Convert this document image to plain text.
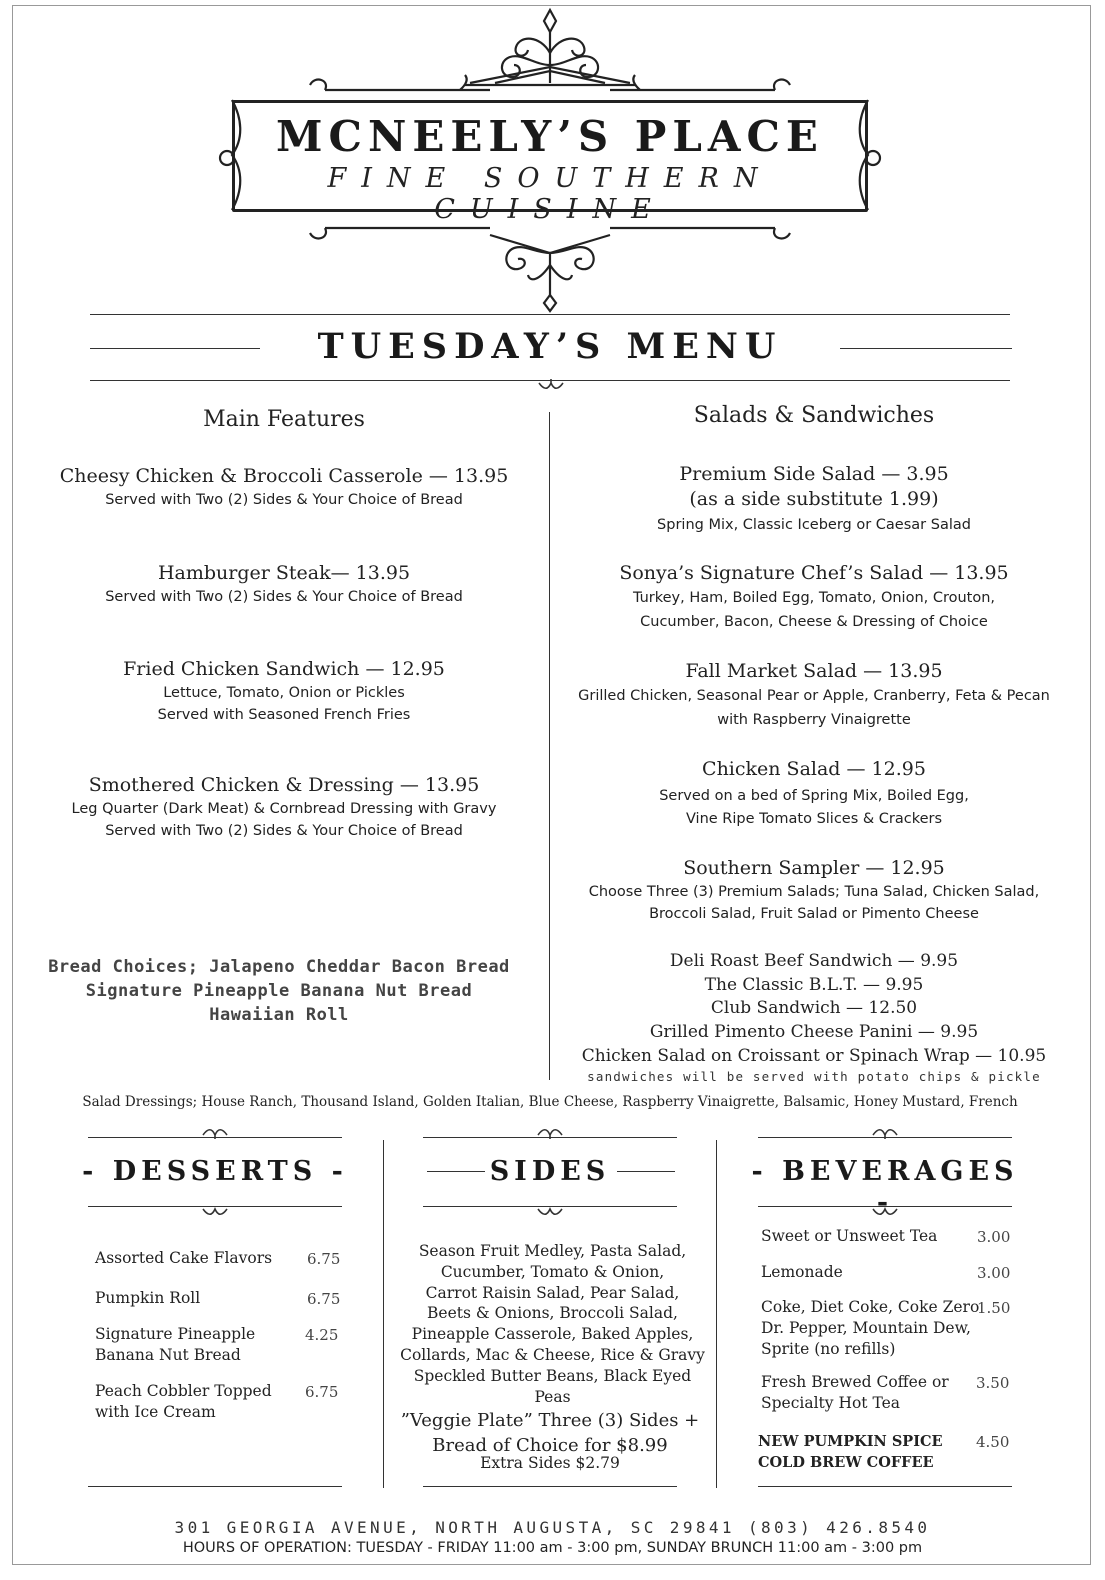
MCNEELY’S PLACE
FINE SOUTHERN CUISINE
TUESDAY’S MENU
Main Features
Cheesy Chicken & Broccoli Casserole — 13.95
Served with Two (2) Sides & Your Choice of Bread
Hamburger Steak— 13.95
Served with Two (2) Sides & Your Choice of Bread
Fried Chicken Sandwich — 12.95
Lettuce, Tomato, Onion or Pickles
Served with Seasoned French Fries
Smothered Chicken & Dressing — 13.95
Leg Quarter (Dark Meat) & Cornbread Dressing with Gravy
Served with Two (2) Sides & Your Choice of Bread
Bread Choices; Jalapeno Cheddar Bacon Bread
Signature Pineapple Banana Nut Bread
Hawaiian Roll
Salads & Sandwiches
Premium Side Salad — 3.95
(as a side substitute 1.99)
Spring Mix, Classic Iceberg or Caesar Salad
Sonya’s Signature Chef’s Salad — 13.95
Turkey, Ham, Boiled Egg, Tomato, Onion, Crouton,
Cucumber, Bacon, Cheese & Dressing of Choice
Fall Market Salad — 13.95
Grilled Chicken, Seasonal Pear or Apple, Cranberry, Feta & Pecan
with Raspberry Vinaigrette
Chicken Salad — 12.95
Served on a bed of Spring Mix, Boiled Egg,
Vine Ripe Tomato Slices & Crackers
Southern Sampler — 12.95
Choose Three (3) Premium Salads; Tuna Salad, Chicken Salad,
Broccoli Salad, Fruit Salad or Pimento Cheese
Deli Roast Beef Sandwich — 9.95
The Classic B.L.T. — 9.95
Club Sandwich — 12.50
Grilled Pimento Cheese Panini — 9.95
Chicken Salad on Croissant or Spinach Wrap — 10.95
sandwiches will be served with potato chips & pickle
Salad Dressings; House Ranch, Thousand Island, Golden Italian, Blue Cheese, Raspberry Vinaigrette, Balsamic, Honey Mustard, French
- DESSERTS -
Assorted Cake Flavors 6.75
Pumpkin Roll	6.75
Signature Pineapple
Banana Nut Bread
4.25
Peach Cobbler Topped
with Ice Cream
6.75
SIDES
Season Fruit Medley, Pasta Salad,
Cucumber, Tomato & Onion,
Carrot Raisin Salad, Pear Salad,
Beets & Onions, Broccoli Salad,
Pineapple Casserole, Baked Apples,
Collards, Mac & Cheese, Rice & Gravy
Speckled Butter Beans, Black Eyed Peas
”Veggie Plate” Three (3) Sides +
Bread of Choice for $8.99
Extra Sides $2.79
- BEVERAGES -
Sweet or Unsweet Tea	3.00
Lemonade	3.00
Coke, Diet Coke, Coke Zero
Dr. Pepper, Mountain Dew,
Sprite (no refills)
1.50
Fresh Brewed Coffee or
Specialty Hot Tea
3.50
NEW PUMPKIN SPICE
COLD BREW COFFEE
4.50
301 GEORGIA AVENUE, NORTH AUGUSTA, SC 29841 (803) 426.8540
HOURS OF OPERATION: TUESDAY - FRIDAY 11:00 am - 3:00 pm, SUNDAY BRUNCH 11:00 am - 3:00 pm
